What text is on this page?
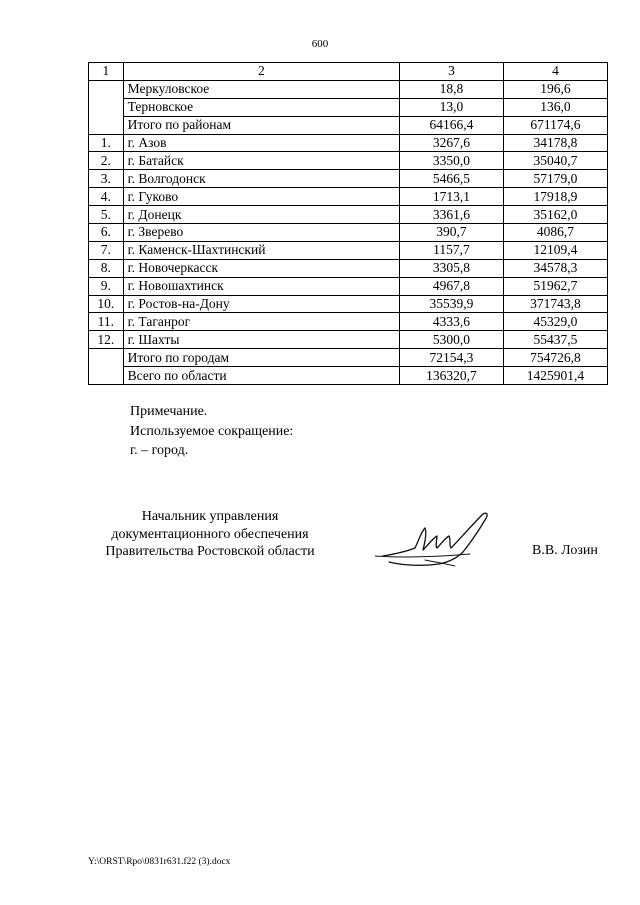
600
1	2	3	4
	Меркуловское	18,8	196,6
	Терновское	13,0	136,0
	Итого по районам	64166,4	671174,6
1.	г. Азов	3267,6	34178,8
2.	г. Батайск	3350,0	35040,7
3.	г. Волгодонск	5466,5	57179,0
4.	г. Гуково	1713,1	17918,9
5.	г. Донецк	3361,6	35162,0
6.	г. Зверево	390,7	4086,7
7.	г. Каменск-Шахтинский	1157,7	12109,4
8.	г. Новочеркасск	3305,8	34578,3
9.	г. Новошахтинск	4967,8	51962,7
10.	г. Ростов-на-Дону	35539,9	371743,8
11.	г. Таганрог	4333,6	45329,0
12.	г. Шахты	5300,0	55437,5
	Итого по городам	72154,3	754726,8
	Всего по области	136320,7	1425901,4
Примечание.
Используемое сокращение:
г. – город.
Начальник управления
документационного обеспечения
Правительства Ростовской области	В.В. Лозин
Y:\ORST\Rpo\0831r631.f22 (3).docx
